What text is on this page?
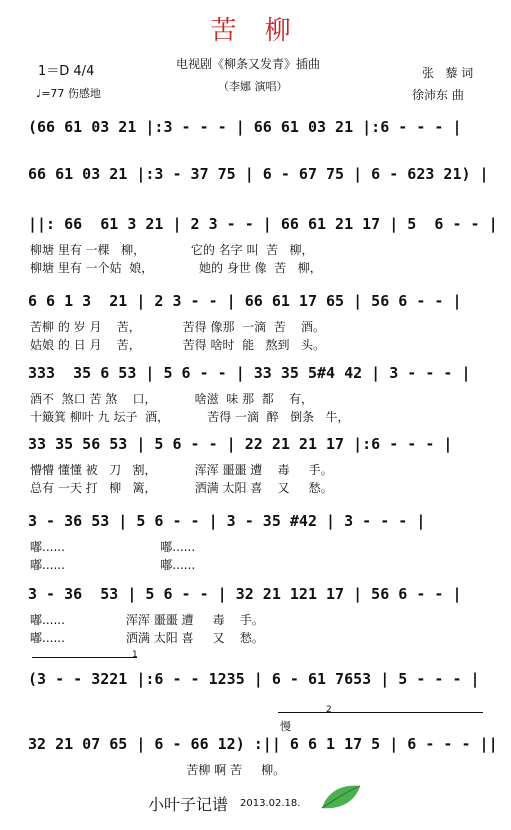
苦 柳
1＝D 4/4
♩=77 伤感地
电视剧《柳条又发青》插曲
（李娜 演唱）
张   藜 词
徐沛东 曲
(66 61 03 21 |:3 - - - | 66 61 03 21 |:6 - - - |
66 61 03 21 |:3 - 37 75 | 6 - 67 75 | 6 - 623 21) |
||: 66  61 3 21 | 2 3 - - | 66 61 21 17 | 5  6 - - |
柳塘 里有 一棵   柳，            它的 名字 叫  苦   柳，
柳塘 里有 一个姑  娘，            她的 身世 像  苦   柳，
6 6 1 3  21 | 2 3 - - | 66 61 17 65 | 56 6 - - |
苦柳 的 岁 月    苦，           苦得 像那  一滴  苦    酒。
姑娘 的 日 月    苦，           苦得 啥时  能   熬到   头。
333  35 6 53 | 5 6 - - | 33 35 5#4 42 | 3 - - - |
酒不  煞口 苦 煞    口，          啥滋  味 那  都    有，
十簸箕 柳叶 九 坛子  酒，          苦得 一滴  醉   倒条   牛，
33 35 56 53 | 5 6 - - | 22 21 21 17 |:6 - - - |
懵懵 懂懂 被   刀   割，          浑浑 噩噩 遭    毒     手。
总有 一天 打   柳   篱，          洒满 太阳 喜    又     愁。
3 - 36 53 | 5 6 - - | 3 - 35 #42 | 3 - - - |
嘟......                         嘟......
嘟......                         嘟......
3 - 36  53 | 5 6 - - | 32 21 121 17 | 56 6 - - |
嘟......                浑浑 噩噩 遭     毒    手。
嘟......                洒满 太阳 喜     又    愁。
(3 - - 3221 |:6 - - 1235 | 6 - 61 7653 | 5 - - - |
32 21 07 65 | 6 - 66 12) :|| 6 6 1 17 5 | 6 - - - ||
苦柳 啊 苦     柳。
1
2
慢
小叶子记谱 2013.02.18.
